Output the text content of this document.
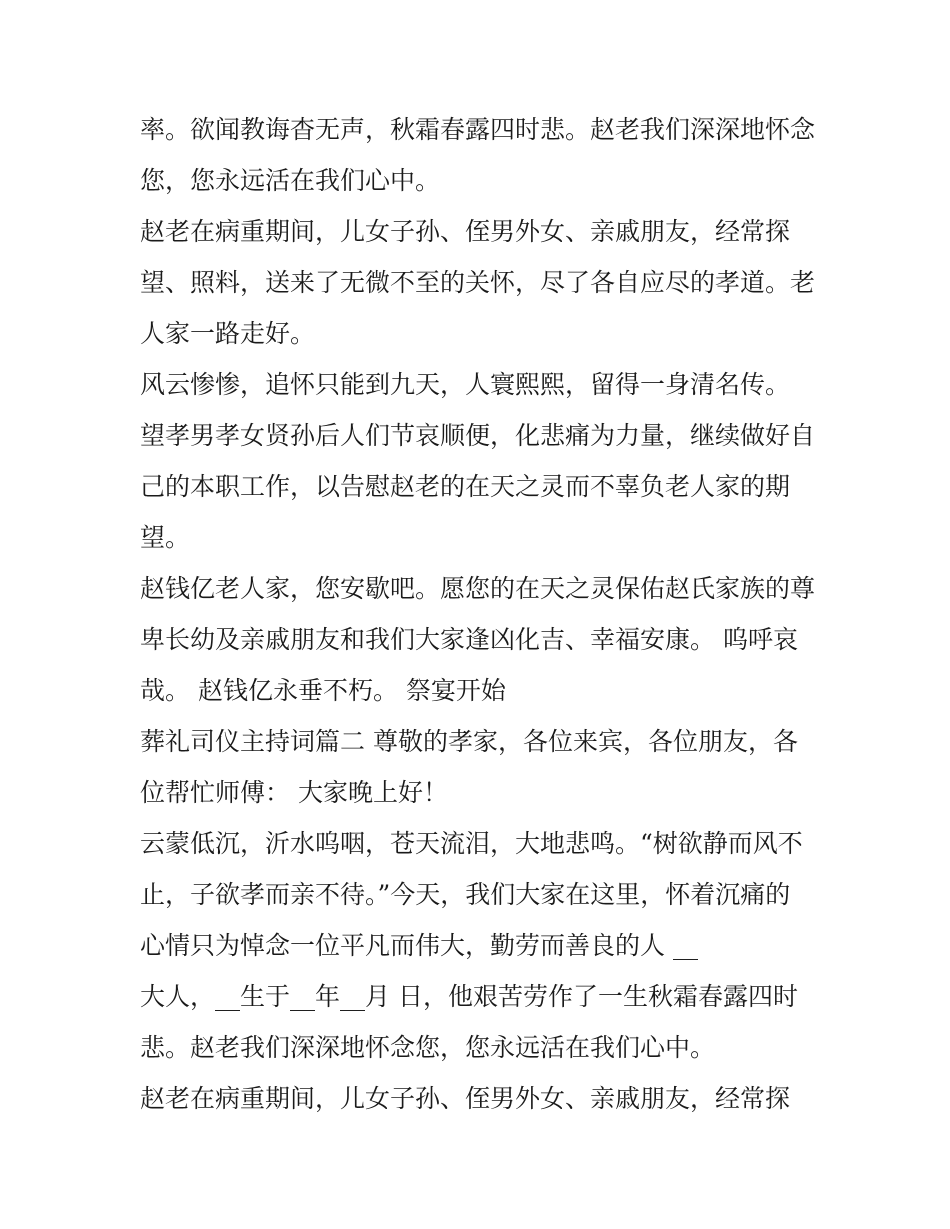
率。欲闻教诲杳无声，秋霜春露四时悲。赵老我们深深地怀念
您，您永远活在我们心中。
赵老在病重期间，儿女子孙、侄男外女、亲戚朋友，经常探
望、照料，送来了无微不至的关怀，尽了各自应尽的孝道。老
人家一路走好。
风云惨惨，追怀只能到九天，人寰熙熙，留得一身清名传。
望孝男孝女贤孙后人们节哀顺便，化悲痛为力量，继续做好自
己的本职工作，以告慰赵老的在天之灵而不辜负老人家的期
望。
赵钱亿老人家，您安歇吧。愿您的在天之灵保佑赵氏家族的尊
卑长幼及亲戚朋友和我们大家逢凶化吉、幸福安康。 呜呼哀
哉。 赵钱亿永垂不朽。 祭宴开始
葬礼司仪主持词篇二 尊敬的孝家，各位来宾，各位朋友，各
位帮忙师傅： 大家晚上好！
云蒙低沉，沂水呜咽，苍天流泪，大地悲鸣。“树欲静而风不
止，子欲孝而亲不待。”今天，我们大家在这里，怀着沉痛的
心情只为悼念一位平凡而伟大，勤劳而善良的人 __
大人，__生于__年__月 日，他艰苦劳作了一生秋霜春露四时
悲。赵老我们深深地怀念您，您永远活在我们心中。
赵老在病重期间，儿女子孙、侄男外女、亲戚朋友，经常探
